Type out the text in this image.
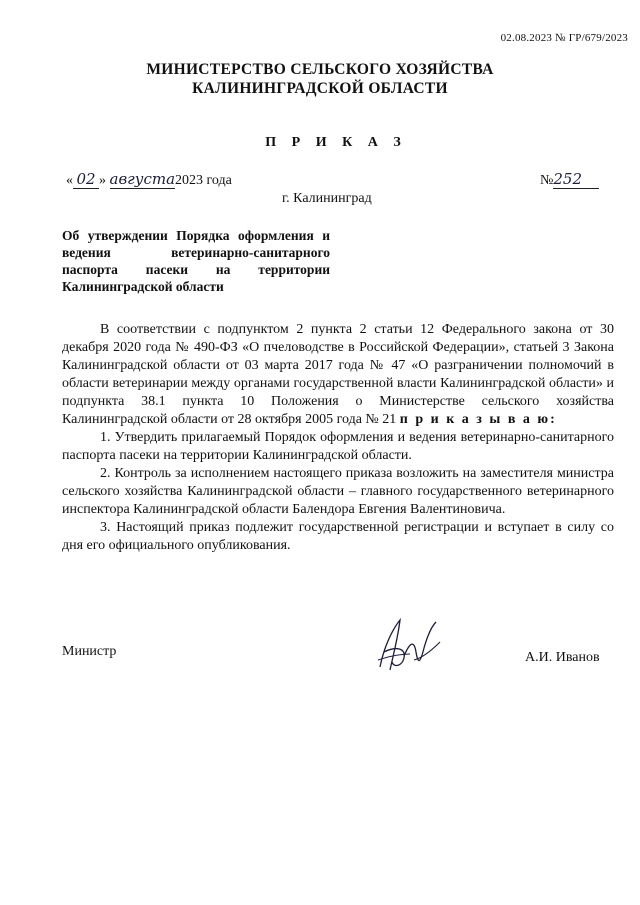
02.08.2023 № ГР/679/2023
МИНИСТЕРСТВО СЕЛЬСКОГО ХОЗЯЙСТВА
КАЛИНИНГРАДСКОЙ ОБЛАСТИ
П Р И К А З
« 02 » августа2023 года	№252
г. Калининград
Об утверждении Порядка оформления и ведения ветеринарно-санитарного паспорта пасеки на территории Калининградской области

В соответствии с подпунктом 2 пункта 2 статьи 12 Федерального закона от 30 декабря 2020 года № 490-ФЗ «О пчеловодстве в Российской Федерации», статьей 3 Закона Калининградской области от 03 марта 2017 года № 47 «О разграничении полномочий в области ветеринарии между органами государственной власти Калининградской области» и подпункта 38.1 пункта 10 Положения о Министерстве сельского хозяйства Калининградской области от 28 октября 2005 года № 21 п р и к а з ы в а ю:

1. Утвердить прилагаемый Порядок оформления и ведения ветеринарно-санитарного паспорта пасеки на территории Калининградской области.

2. Контроль за исполнением настоящего приказа возложить на заместителя министра сельского хозяйства Калининградской области – главного государственного ветеринарного инспектора Калининградской области Балендора Евгения Валентиновича.

3. Настоящий приказ подлежит государственной регистрации и вступает в силу со дня его официального опубликования.

Министр	А.И. Иванов
